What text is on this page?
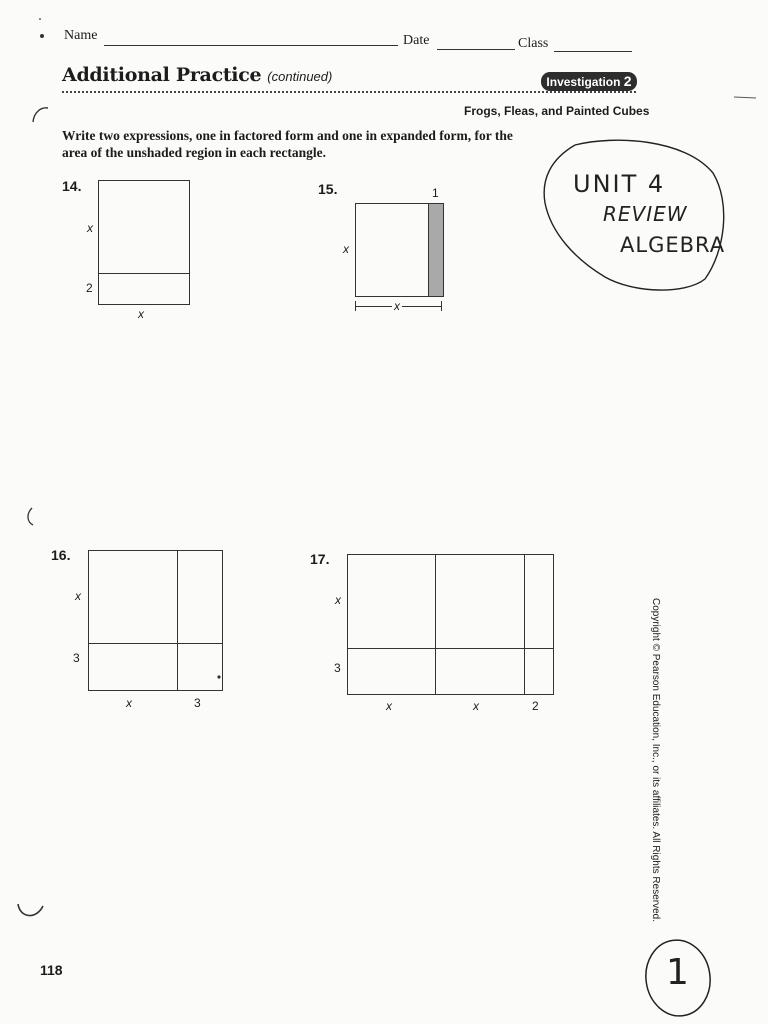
Name	Date	Class
Additional Practice (continued)	Investigation 2
Frogs, Fleas, and Painted Cubes
Write two expressions, one in factored form and one in expanded form, for the area of the unshaded region in each rectangle.
14.
x
2
x
15.	1
x
x
16.
x
3
x	3
17.
x
3
x	x	2
UNIT 4
REVIEW
ALGEBRA
Copyright © Pearson Education, Inc., or its affiliates. All Rights Reserved.
118	1
